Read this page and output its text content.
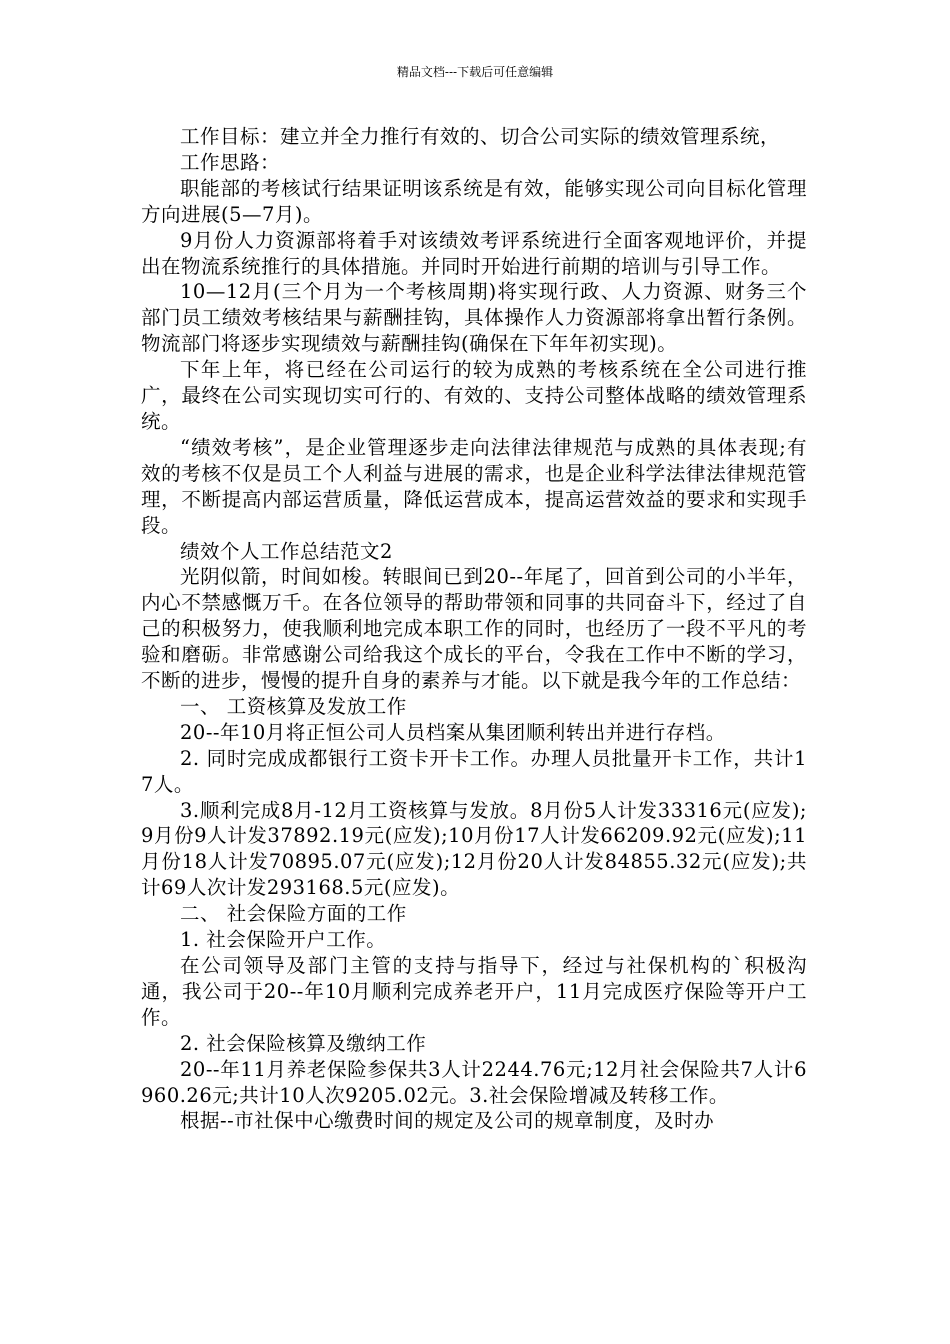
精品文档---下载后可任意编辑

工作目标：建立并全力推行有效的、切合公司实际的绩效管理系统，

工作思路：

职能部的考核试行结果证明该系统是有效，能够实现公司向目标化管理方向进展(5—7月)。

9月份人力资源部将着手对该绩效考评系统进行全面客观地评价，并提出在物流系统推行的具体措施。并同时开始进行前期的培训与引导工作。

10—12月(三个月为一个考核周期)将实现行政、人力资源、财务三个部门员工绩效考核结果与薪酬挂钩，具体操作人力资源部将拿出暂行条例。物流部门将逐步实现绩效与薪酬挂钩(确保在下年年初实现)。

下年上年，将已经在公司运行的较为成熟的考核系统在全公司进行推广，最终在公司实现切实可行的、有效的、支持公司整体战略的绩效管理系统。

“绩效考核”，是企业管理逐步走向法律法律规范与成熟的具体表现;有效的考核不仅是员工个人利益与进展的需求，也是企业科学法律法律规范管理，不断提高内部运营质量，降低运营成本，提高运营效益的要求和实现手段。

绩效个人工作总结范文2

光阴似箭，时间如梭。转眼间已到20--年尾了，回首到公司的小半年，内心不禁感慨万千。在各位领导的帮助带领和同事的共同奋斗下，经过了自己的积极努力，使我顺利地完成本职工作的同时，也经历了一段不平凡的考验和磨砺。非常感谢公司给我这个成长的平台，令我在工作中不断的学习，不断的进步，慢慢的提升自身的素养与才能。以下就是我今年的工作总结：

一、 工资核算及发放工作

20--年10月将正恒公司人员档案从集团顺利转出并进行存档。

2. 同时完成成都银行工资卡开卡工作。办理人员批量开卡工作，共计17人。

3.顺利完成8月-12月工资核算与发放。8月份5人计发33316元(应发);9月份9人计发37892.19元(应发);10月份17人计发66209.92元(应发);11月份18人计发70895.07元(应发);12月份20人计发84855.32元(应发);共计69人次计发293168.5元(应发)。

二、 社会保险方面的工作

1. 社会保险开户工作。

在公司领导及部门主管的支持与指导下，经过与社保机构的`积极沟通，我公司于20--年10月顺利完成养老开户，11月完成医疗保险等开户工作。

2. 社会保险核算及缴纳工作

20--年11月养老保险参保共3人计2244.76元;12月社会保险共7人计6960.26元;共计10人次9205.02元。3.社会保险增减及转移工作。

根据--市社保中心缴费时间的规定及公司的规章制度，及时办
